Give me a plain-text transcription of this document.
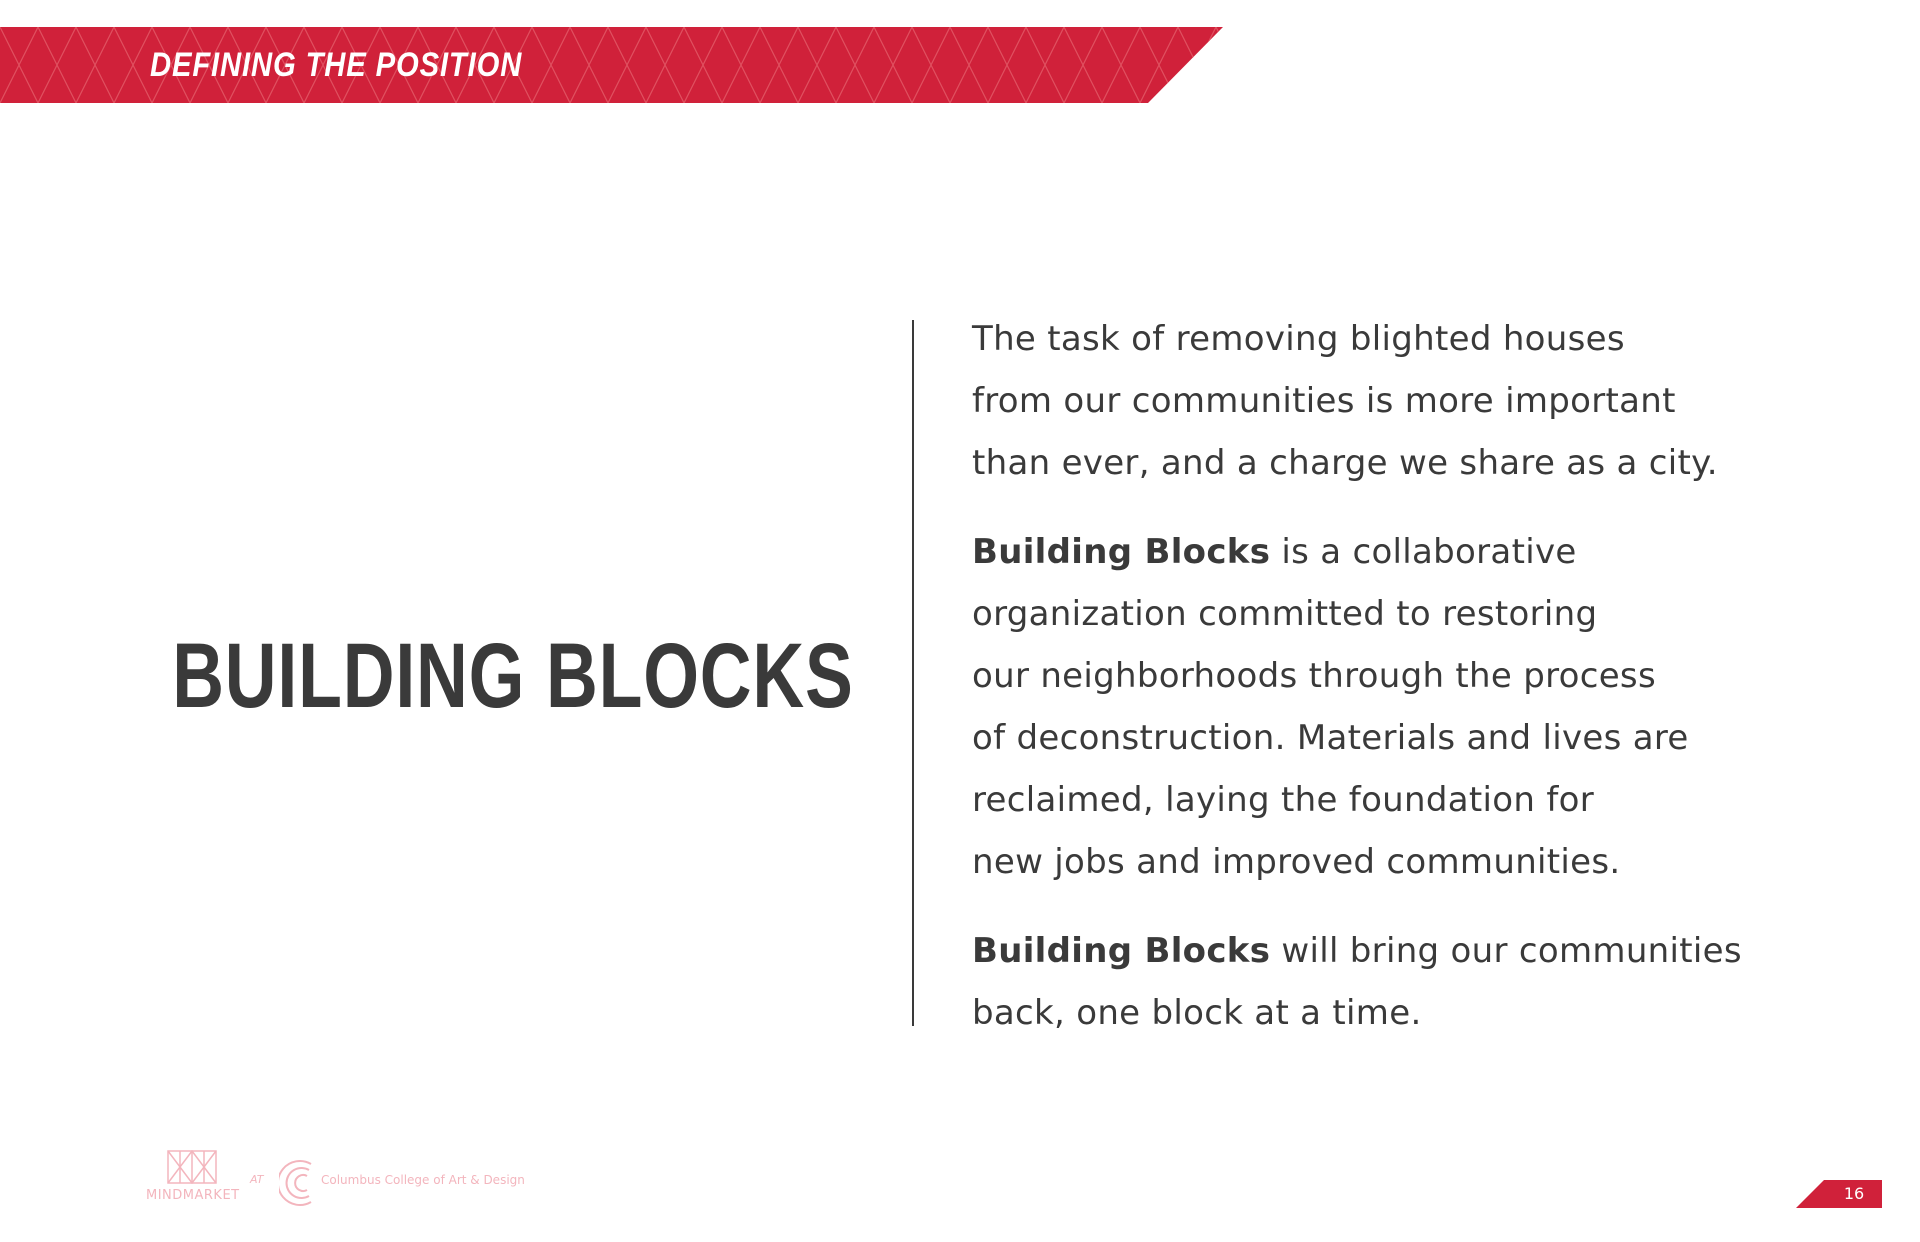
DEFINING THE POSITION
BUILDING BLOCKS

The task of removing blighted houses
from our communities is more important
than ever, and a charge we share as a city.

Building Blocks is a collaborative
organization committed to restoring
our neighborhoods through the process
of deconstruction. Materials and lives are
reclaimed, laying the foundation for
new jobs and improved communities.

Building Blocks will bring our communities
back, one block at a time.

MINDMARKET
AT	Columbus College of Art & Design
16
